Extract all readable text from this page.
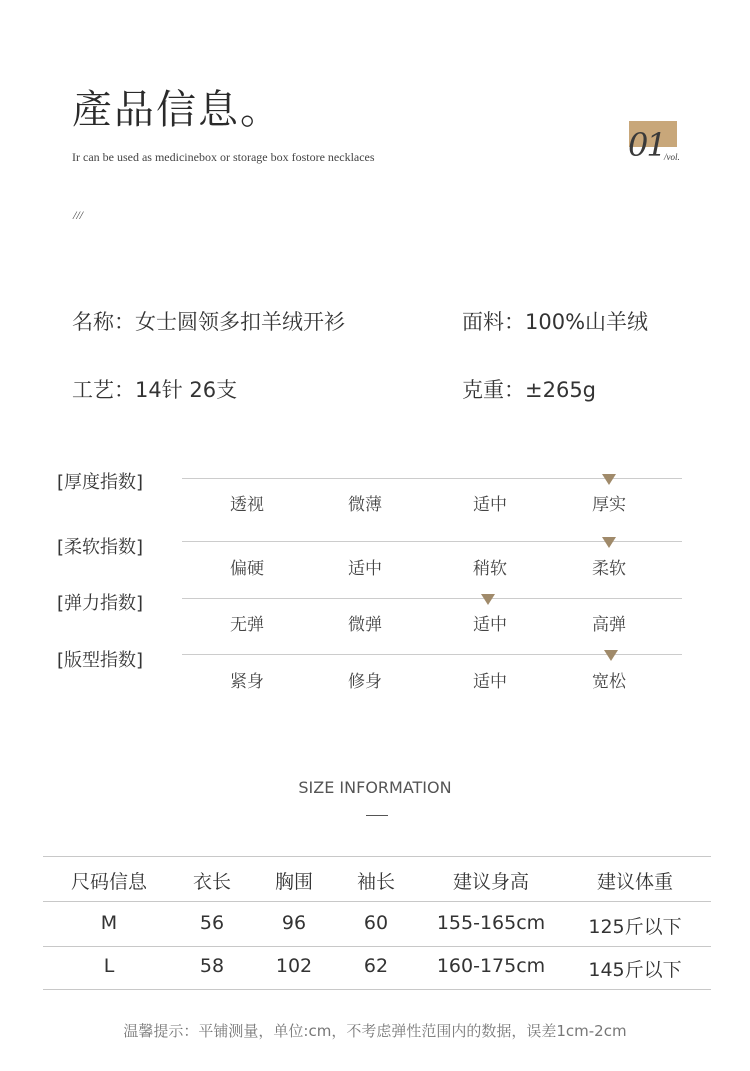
產品信息。
Ir can be used as medicinebox or storage box fostore necklaces
///
01 /vol.
名称：女士圆领多扣羊绒开衫	面料：100%山羊绒
工艺：14针 26支	克重：±265g
[厚度指数]
透视	微薄	适中	厚实
[柔软指数]
偏硬	适中	稍软	柔软
[弹力指数]
无弹	微弹	适中	高弹
[版型指数]
紧身	修身	适中	宽松
SIZE INFORMATION
尺码信息	衣长	胸围	袖长	建议身高	建议体重
M	56	96	60	155-165cm	125斤以下
L	58	102	62	160-175cm	145斤以下
温馨提示：平铺测量，单位:cm，不考虑弹性范围内的数据，误差1cm-2cm
